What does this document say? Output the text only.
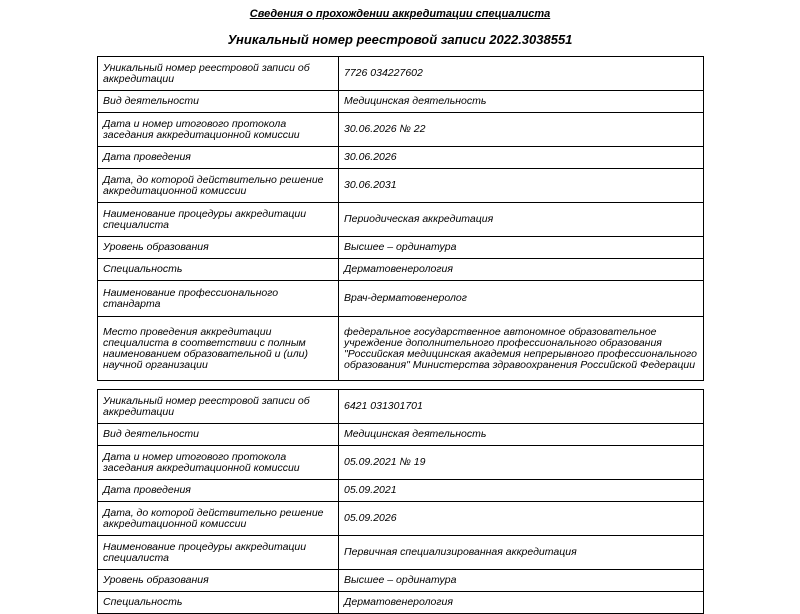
Сведения о прохождении аккредитации специалиста
Уникальный номер реестровой записи 2022.3038551
Уникальный номер реестровой записи об аккредитации	7726 034227602
Вид деятельности	Медицинская деятельность
Дата и номер итогового протокола заседания аккредитационной комиссии	30.06.2026 № 22
Дата проведения	30.06.2026
Дата, до которой действительно решение аккредитационной комиссии	30.06.2031
Наименование процедуры аккредитации специалиста	Периодическая аккредитация
Уровень образования	Высшее – ординатура
Специальность	Дерматовенерология
Наименование профессионального стандарта	Врач-дерматовенеролог
Место проведения аккредитации специалиста в соответствии с полным наименованием образовательной и (или) научной организации	федеральное государственное автономное образовательное учреждение дополнительного профессионального образования "Российская медицинская академия непрерывного профессионального образования" Министерства здравоохранения Российской Федерации
Уникальный номер реестровой записи об аккредитации	6421 031301701
Вид деятельности	Медицинская деятельность
Дата и номер итогового протокола заседания аккредитационной комиссии	05.09.2021 № 19
Дата проведения	05.09.2021
Дата, до которой действительно решение аккредитационной комиссии	05.09.2026
Наименование процедуры аккредитации специалиста	Первичная специализированная аккредитация
Уровень образования	Высшее – ординатура
Специальность	Дерматовенерология
